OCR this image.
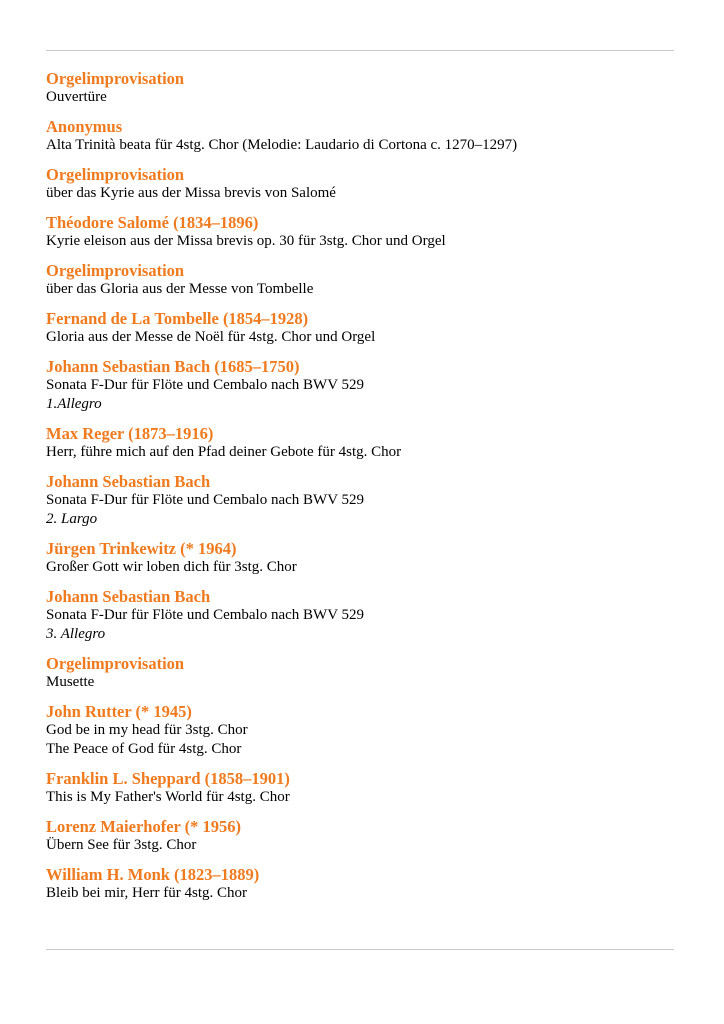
Orgelimprovisation
Ouvertüre
Anonymus
Alta Trinità beata für 4stg. Chor (Melodie: Laudario di Cortona c. 1270–1297)
Orgelimprovisation
über das Kyrie aus der Missa brevis von Salomé
Théodore Salomé (1834–1896)
Kyrie eleison aus der Missa brevis op. 30 für 3stg. Chor und Orgel
Orgelimprovisation
über das Gloria aus der Messe von Tombelle
Fernand de La Tombelle (1854–1928)
Gloria aus der Messe de Noël für 4stg. Chor und Orgel
Johann Sebastian Bach (1685–1750)
Sonata F-Dur für Flöte und Cembalo nach BWV 529
1.Allegro
Max Reger (1873–1916)
Herr, führe mich auf den Pfad deiner Gebote für 4stg. Chor
Johann Sebastian Bach
Sonata F-Dur für Flöte und Cembalo nach BWV 529
2. Largo
Jürgen Trinkewitz (* 1964)
Großer Gott wir loben dich für 3stg. Chor
Johann Sebastian Bach
Sonata F-Dur für Flöte und Cembalo nach BWV 529
3. Allegro
Orgelimprovisation
Musette
John Rutter (* 1945)
God be in my head für 3stg. Chor
The Peace of God für 4stg. Chor
Franklin L. Sheppard (1858–1901)
This is My Father's World für 4stg. Chor
Lorenz Maierhofer (* 1956)
Übern See für 3stg. Chor
William H. Monk (1823–1889)
Bleib bei mir, Herr für 4stg. Chor
